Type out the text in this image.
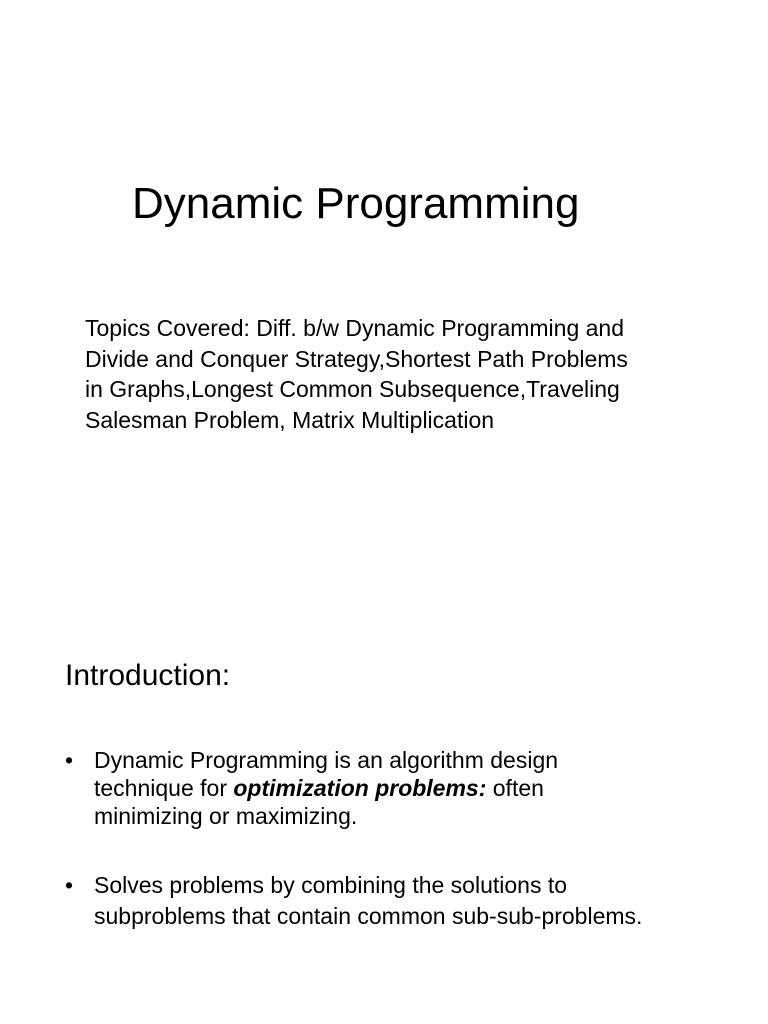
Dynamic Programming
Topics Covered: Diff. b/w Dynamic Programming and
Divide and Conquer Strategy,Shortest Path Problems
in Graphs,Longest Common Subsequence,Traveling
Salesman Problem, Matrix Multiplication
Introduction:
• Dynamic Programming is an algorithm design
technique for optimization problems: often
minimizing or maximizing.
• Solves problems by combining the solutions to
subproblems that contain common sub-sub-problems.
